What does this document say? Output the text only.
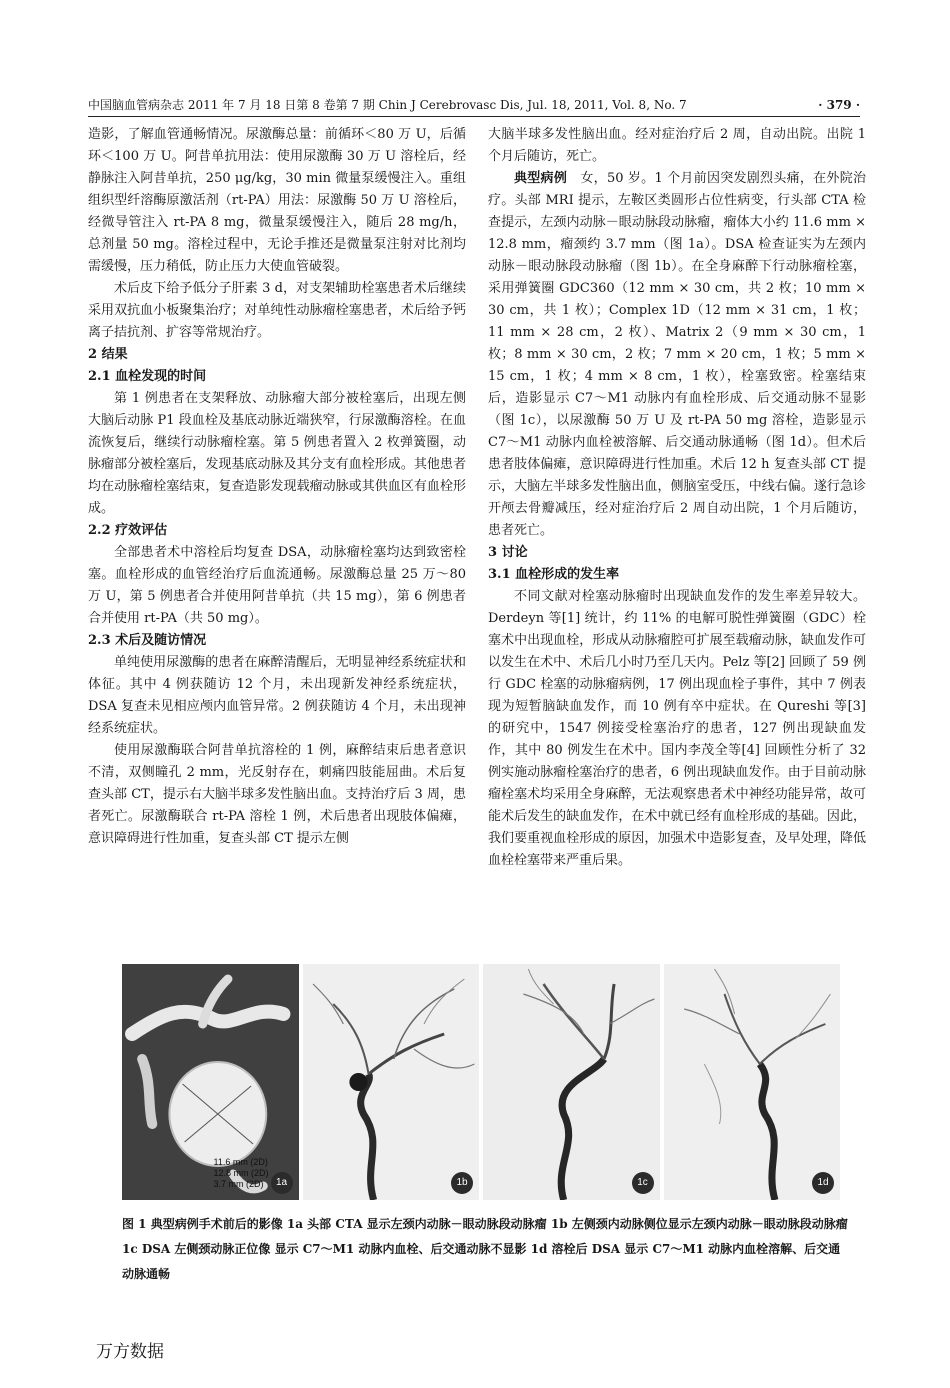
中国脑血管病杂志 2011 年 7 月 18 日第 8 卷第 7 期 Chin J Cerebrovasc Dis, Jul. 18, 2011, Vol. 8, No. 7	· 379 ·

造影，了解血管通畅情况。尿激酶总量：前循环＜80 万 U，后循环＜100 万 U。阿昔单抗用法：使用尿激酶 30 万 U 溶栓后，经静脉注入阿昔单抗，250 μg/kg，30 min 微量泵缓慢注入。重组组织型纤溶酶原激活剂（rt-PA）用法：尿激酶 50 万 U 溶栓后，经微导管注入 rt-PA 8 mg，微量泵缓慢注入，随后 28 mg/h，总剂量 50 mg。溶栓过程中，无论手推还是微量泵注射对比剂均需缓慢，压力稍低，防止压力大使血管破裂。

术后皮下给予低分子肝素 3 d，对支架辅助栓塞患者术后继续采用双抗血小板聚集治疗；对单纯性动脉瘤栓塞患者，术后给予钙离子拮抗剂、扩容等常规治疗。

2 结果
2.1 血栓发现的时间

第 1 例患者在支架释放、动脉瘤大部分被栓塞后，出现左侧大脑后动脉 P1 段血栓及基底动脉近端狭窄，行尿激酶溶栓。在血流恢复后，继续行动脉瘤栓塞。第 5 例患者置入 2 枚弹簧圈，动脉瘤部分被栓塞后，发现基底动脉及其分支有血栓形成。其他患者均在动脉瘤栓塞结束，复查造影发现载瘤动脉或其供血区有血栓形成。

2.2 疗效评估

全部患者术中溶栓后均复查 DSA，动脉瘤栓塞均达到致密栓塞。血栓形成的血管经治疗后血流通畅。尿激酶总量 25 万～80 万 U，第 5 例患者合并使用阿昔单抗（共 15 mg），第 6 例患者合并使用 rt-PA（共 50 mg）。

2.3 术后及随访情况

单纯使用尿激酶的患者在麻醉清醒后，无明显神经系统症状和体征。其中 4 例获随访 12 个月，未出现新发神经系统症状，DSA 复查未见相应颅内血管异常。2 例获随访 4 个月，未出现神经系统症状。

使用尿激酶联合阿昔单抗溶栓的 1 例，麻醉结束后患者意识不清，双侧瞳孔 2 mm，光反射存在，刺痛四肢能屈曲。术后复查头部 CT，提示右大脑半球多发性脑出血。支持治疗后 3 周，患者死亡。尿激酶联合 rt-PA 溶栓 1 例，术后患者出现肢体偏瘫，意识障碍进行性加重，复查头部 CT 提示左侧

大脑半球多发性脑出血。经对症治疗后 2 周，自动出院。出院 1 个月后随访，死亡。

典型病例　 女，50 岁。1 个月前因突发剧烈头痛，在外院治疗。头部 MRI 提示，左鞍区类圆形占位性病变，行头部 CTA 检查提示，左颈内动脉－眼动脉段动脉瘤，瘤体大小约 11.6 mm × 12.8 mm，瘤颈约 3.7 mm（图 1a）。DSA 检查证实为左颈内动脉－眼动脉段动脉瘤（图 1b）。在全身麻醉下行动脉瘤栓塞，采用弹簧圈 GDC360（12 mm × 30 cm，共 2 枚；10 mm × 30 cm，共 1 枚）；Complex 1D（12 mm × 31 cm，1 枚；11 mm × 28 cm，2 枚）、Matrix 2（9 mm × 30 cm，1 枚；8 mm × 30 cm，2 枚；7 mm × 20 cm，1 枚；5 mm × 15 cm，1 枚；4 mm × 8 cm，1 枚），栓塞致密。栓塞结束后，造影显示 C7～M1 动脉内有血栓形成、后交通动脉不显影（图 1c），以尿激酶 50 万 U 及 rt-PA 50 mg 溶栓，造影显示 C7～M1 动脉内血栓被溶解、后交通动脉通畅（图 1d）。但术后患者肢体偏瘫，意识障碍进行性加重。术后 12 h 复查头部 CT 提示，大脑左半球多发性脑出血，侧脑室受压，中线右偏。遂行急诊开颅去骨瓣减压，经对症治疗后 2 周自动出院，1 个月后随访，患者死亡。

3 讨论
3.1 血栓形成的发生率

不同文献对栓塞动脉瘤时出现缺血发作的发生率差异较大。Derdeyn 等[1] 统计，约 11% 的电解可脱性弹簧圈（GDC）栓塞术中出现血栓，形成从动脉瘤腔可扩展至载瘤动脉，缺血发作可以发生在术中、术后几小时乃至几天内。Pelz 等[2] 回顾了 59 例行 GDC 栓塞的动脉瘤病例，17 例出现血栓子事件，其中 7 例表现为短暂脑缺血发作，而 10 例有卒中症状。在 Qureshi 等[3] 的研究中，1547 例接受栓塞治疗的患者，127 例出现缺血发作，其中 80 例发生在术中。国内李茂全等[4] 回顾性分析了 32 例实施动脉瘤栓塞治疗的患者，6 例出现缺血发作。由于目前动脉瘤栓塞术均采用全身麻醉，无法观察患者术中神经功能异常，故可能术后发生的缺血发作，在术中就已经有血栓形成的基础。因此，我们要重视血栓形成的原因，加强术中造影复查，及早处理，降低血栓栓塞带来严重后果。

11.6 mm (2D)
12.8 mm (2D)
3.7 mm (2D)	1a	1b	1c	1d
图 1 典型病例手术前后的影像 1a 头部 CTA 显示左颈内动脉－眼动脉段动脉瘤 1b 左侧颈内动脉侧位显示左颈内动脉－眼动脉段动脉瘤 1c DSA 左侧颈动脉正位像 显示 C7～M1 动脉内血栓、后交通动脉不显影 1d 溶栓后 DSA 显示 C7～M1 动脉内血栓溶解、后交通动脉通畅
万方数据
